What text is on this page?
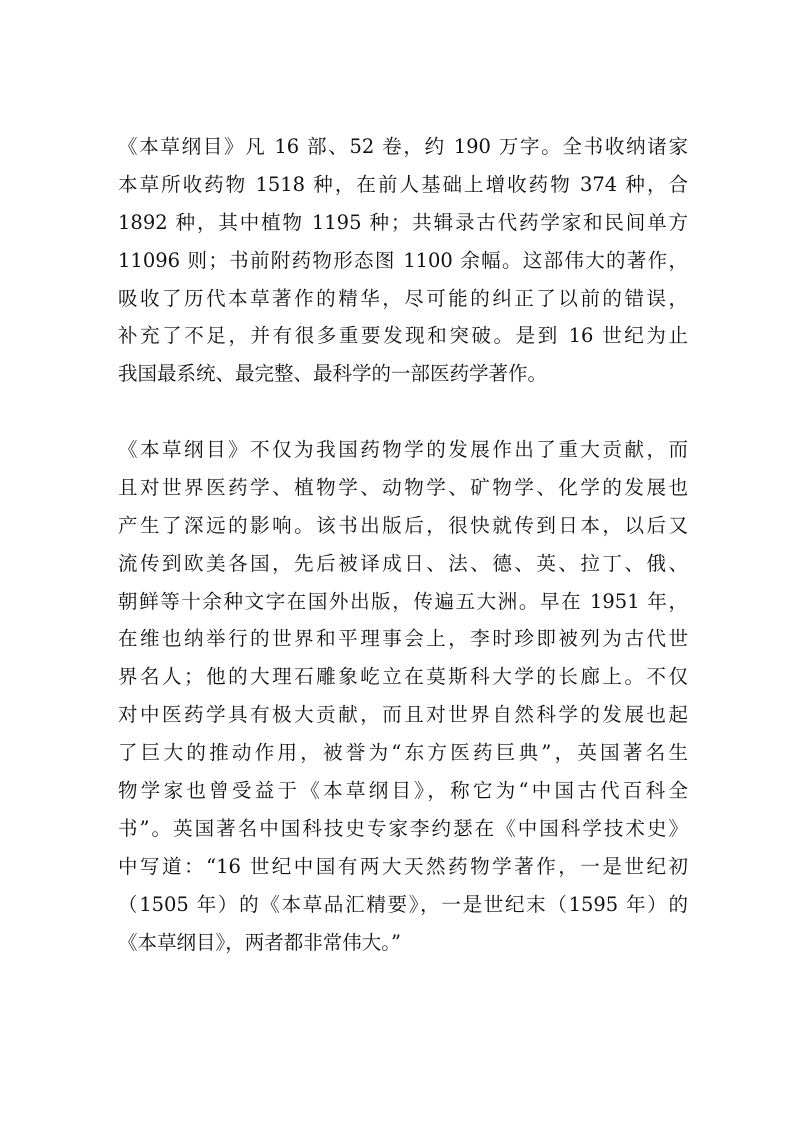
《本草纲目》凡 16 部、52 卷，约 190 万字。全书收纳诸家
本草所收药物 1518 种，在前人基础上增收药物 374 种，合
1892 种，其中植物 1195 种；共辑录古代药学家和民间单方
11096 则；书前附药物形态图 1100 余幅。这部伟大的著作，
吸收了历代本草著作的精华，尽可能的纠正了以前的错误，
补充了不足，并有很多重要发现和突破。是到 16 世纪为止
我国最系统、最完整、最科学的一部医药学著作。
《本草纲目》不仅为我国药物学的发展作出了重大贡献，而
且对世界医药学、植物学、动物学、矿物学、化学的发展也
产生了深远的影响。该书出版后，很快就传到日本，以后又
流传到欧美各国，先后被译成日、法、德、英、拉丁、俄、
朝鲜等十余种文字在国外出版，传遍五大洲。早在 1951 年，
在维也纳举行的世界和平理事会上，李时珍即被列为古代世
界名人；他的大理石雕象屹立在莫斯科大学的长廊上。不仅
对中医药学具有极大贡献，而且对世界自然科学的发展也起
了巨大的推动作用，被誉为“东方医药巨典”，英国著名生
物学家也曾受益于《本草纲目》，称它为“中国古代百科全
书”。英国著名中国科技史专家李约瑟在《中国科学技术史》
中写道：“16 世纪中国有两大天然药物学著作，一是世纪初
（1505 年）的《本草品汇精要》，一是世纪末（1595 年）的
《本草纲目》，两者都非常伟大。”
